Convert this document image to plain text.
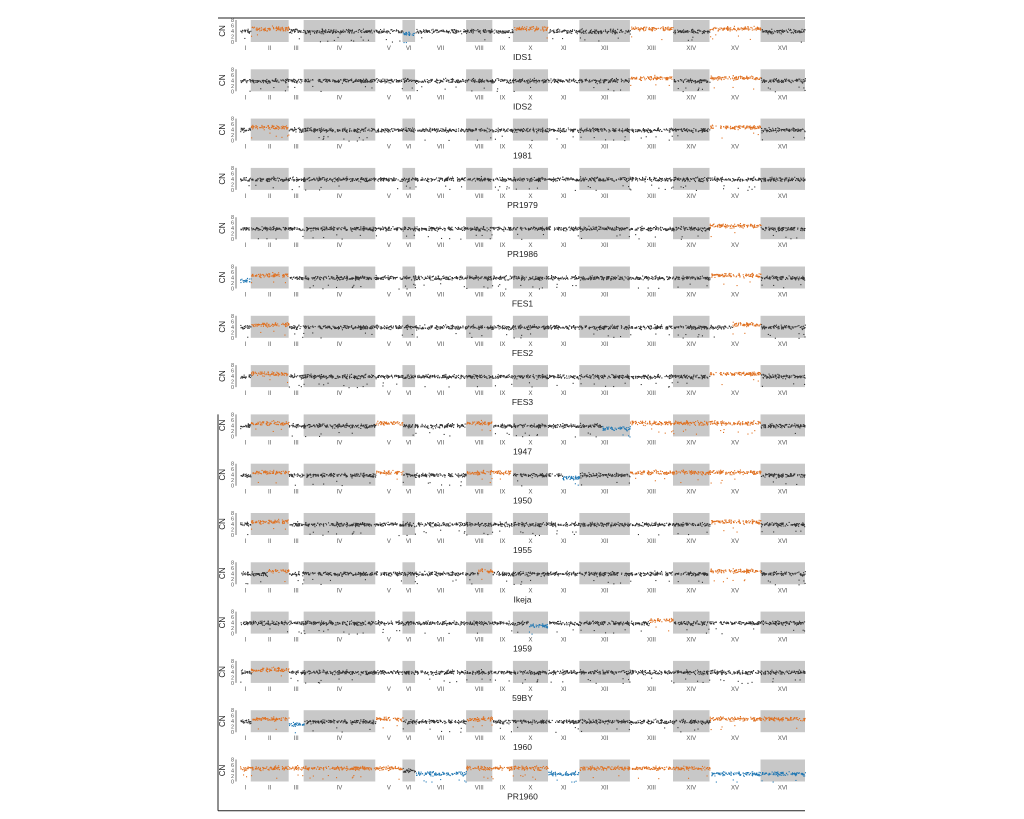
0
2
4
6
8
CN
I	II	III	IV	V	VI	VII	VIII	IX	X	XI	XII	XIII	XIV	XV	XVI
IDS1
0
2
4
6
8
CN
I	II	III	IV	V	VI	VII	VIII	IX	X	XI	XII	XIII	XIV	XV	XVI
IDS2
0
2
4
6
8
CN
I	II	III	IV	V	VI	VII	VIII	IX	X	XI	XII	XIII	XIV	XV	XVI
1981
0
2
4
6
8
CN
I	II	III	IV	V	VI	VII	VIII	IX	X	XI	XII	XIII	XIV	XV	XVI
PR1979
0
2
4
6
8
CN
I	II	III	IV	V	VI	VII	VIII	IX	X	XI	XII	XIII	XIV	XV	XVI
PR1986
0
2
4
6
8
CN
I	II	III	IV	V	VI	VII	VIII	IX	X	XI	XII	XIII	XIV	XV	XVI
FES1
0
2
4
6
8
CN
I	II	III	IV	V	VI	VII	VIII	IX	X	XI	XII	XIII	XIV	XV	XVI
FES2
0
2
4
6
8
CN
I	II	III	IV	V	VI	VII	VIII	IX	X	XI	XII	XIII	XIV	XV	XVI
FES3
0
2
4
6
8
CN
I	II	III	IV	V	VI	VII	VIII	IX	X	XI	XII	XIII	XIV	XV	XVI
1947
0
2
4
6
8
CN
I	II	III	IV	V	VI	VII	VIII	IX	X	XI	XII	XIII	XIV	XV	XVI
1950
0
2
4
6
8
CN
I	II	III	IV	V	VI	VII	VIII	IX	X	XI	XII	XIII	XIV	XV	XVI
1955
0
2
4
6
8
CN
I	II	III	IV	V	VI	VII	VIII	IX	X	XI	XII	XIII	XIV	XV	XVI
Ikeja
0
2
4
6
8
CN
I	II	III	IV	V	VI	VII	VIII	IX	X	XI	XII	XIII	XIV	XV	XVI
1959
0
2
4
6
8
CN
I	II	III	IV	V	VI	VII	VIII	IX	X	XI	XII	XIII	XIV	XV	XVI
59BY
0
2
4
6
8
CN
I	II	III	IV	V	VI	VII	VIII	IX	X	XI	XII	XIII	XIV	XV	XVI
1960
0
2
4
6
8
CN
I	II	III	IV	V	VI	VII	VIII	IX	X	XI	XII	XIII	XIV	XV	XVI
PR1960
